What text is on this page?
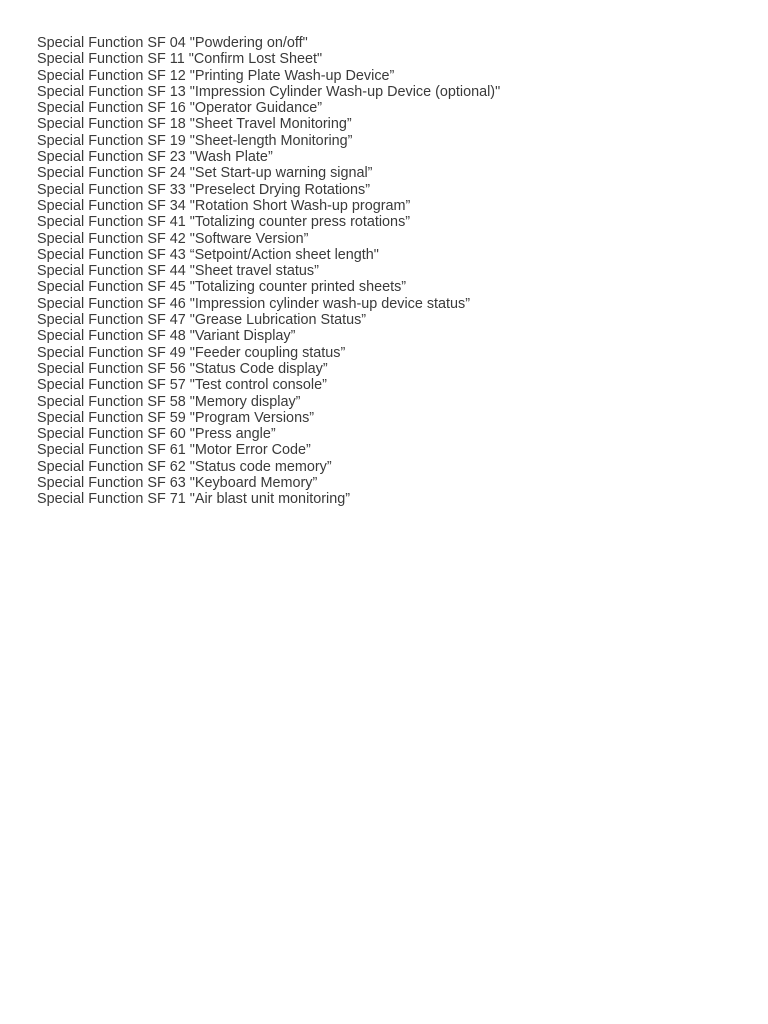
Special Function SF 04 "Powdering on/off"
Special Function SF 11 "Confirm Lost Sheet"
Special Function SF 12 "Printing Plate Wash-up Device”
Special Function SF 13 "Impression Cylinder Wash-up Device (optional)"
Special Function SF 16 "Operator Guidance”
Special Function SF 18 "Sheet Travel Monitoring”
Special Function SF 19 "Sheet-length Monitoring”
Special Function SF 23 "Wash Plate”
Special Function SF 24 "Set Start-up warning signal”
Special Function SF 33 "Preselect Drying Rotations”
Special Function SF 34 "Rotation Short Wash-up program”
Special Function SF 41 "Totalizing counter press rotations”
Special Function SF 42 "Software Version”
Special Function SF 43 “Setpoint/Action sheet length"
Special Function SF 44 "Sheet travel status”
Special Function SF 45 "Totalizing counter printed sheets”
Special Function SF 46 "Impression cylinder wash-up device status”
Special Function SF 47 "Grease Lubrication Status”
Special Function SF 48 "Variant Display”
Special Function SF 49 "Feeder coupling status”
Special Function SF 56 "Status Code display”
Special Function SF 57 "Test control console”
Special Function SF 58 "Memory display”
Special Function SF 59 "Program Versions”
Special Function SF 60 "Press angle”
Special Function SF 61 "Motor Error Code”
Special Function SF 62 "Status code memory”
Special Function SF 63 "Keyboard Memory”
Special Function SF 71 "Air blast unit monitoring”
